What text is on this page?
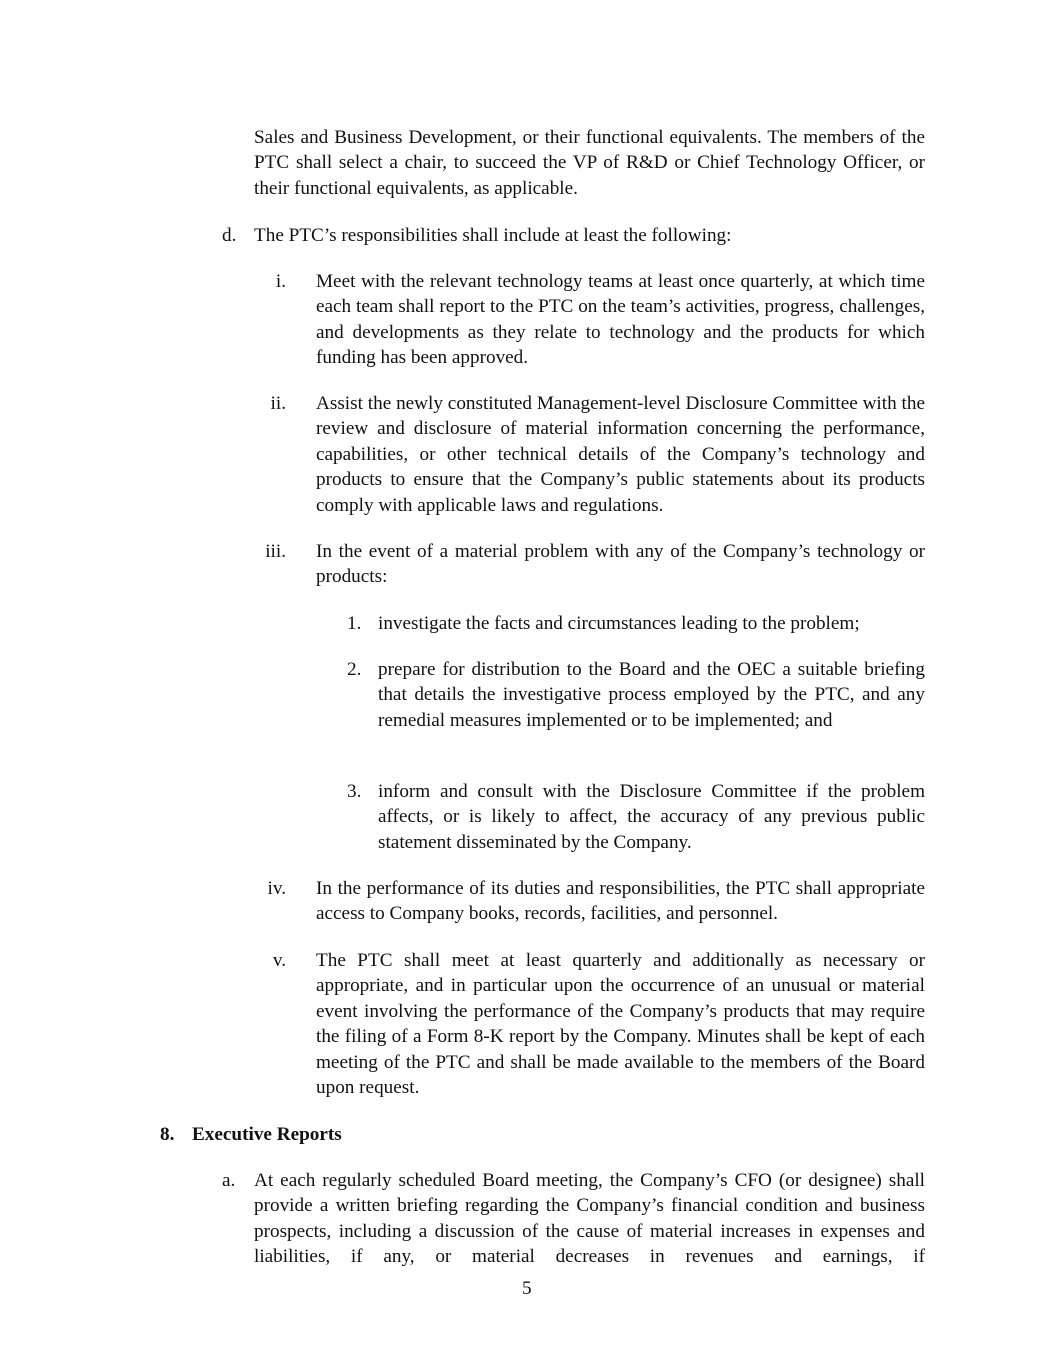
Sales and Business Development, or their functional equivalents. The members of the PTC shall select a chair, to succeed the VP of R&D or Chief Technology Officer, or their functional equivalents, as applicable.
d. The PTC’s responsibilities shall include at least the following:
i. Meet with the relevant technology teams at least once quarterly, at which time each team shall report to the PTC on the team’s activities, progress, challenges, and developments as they relate to technology and the products for which funding has been approved.
ii. Assist the newly constituted Management-level Disclosure Committee with the review and disclosure of material information concerning the performance, capabilities, or other technical details of the Company’s technology and products to ensure that the Company’s public statements about its products comply with applicable laws and regulations.
iii. In the event of a material problem with any of the Company’s technology or products:
1. investigate the facts and circumstances leading to the problem;
2. prepare for distribution to the Board and the OEC a suitable briefing that details the investigative process employed by the PTC, and any remedial measures implemented or to be implemented; and
3. inform and consult with the Disclosure Committee if the problem affects, or is likely to affect, the accuracy of any previous public statement disseminated by the Company.
iv. In the performance of its duties and responsibilities, the PTC shall appropriate access to Company books, records, facilities, and personnel.
v. The PTC shall meet at least quarterly and additionally as necessary or appropriate, and in particular upon the occurrence of an unusual or material event involving the performance of the Company’s products that may require the filing of a Form 8-K report by the Company. Minutes shall be kept of each meeting of the PTC and shall be made available to the members of the Board upon request.
8. Executive Reports
a. At each regularly scheduled Board meeting, the Company’s CFO (or designee) shall provide a written briefing regarding the Company’s financial condition and business prospects, including a discussion of the cause of material increases in expenses and liabilities, if any, or material decreases in revenues and earnings, if
5
